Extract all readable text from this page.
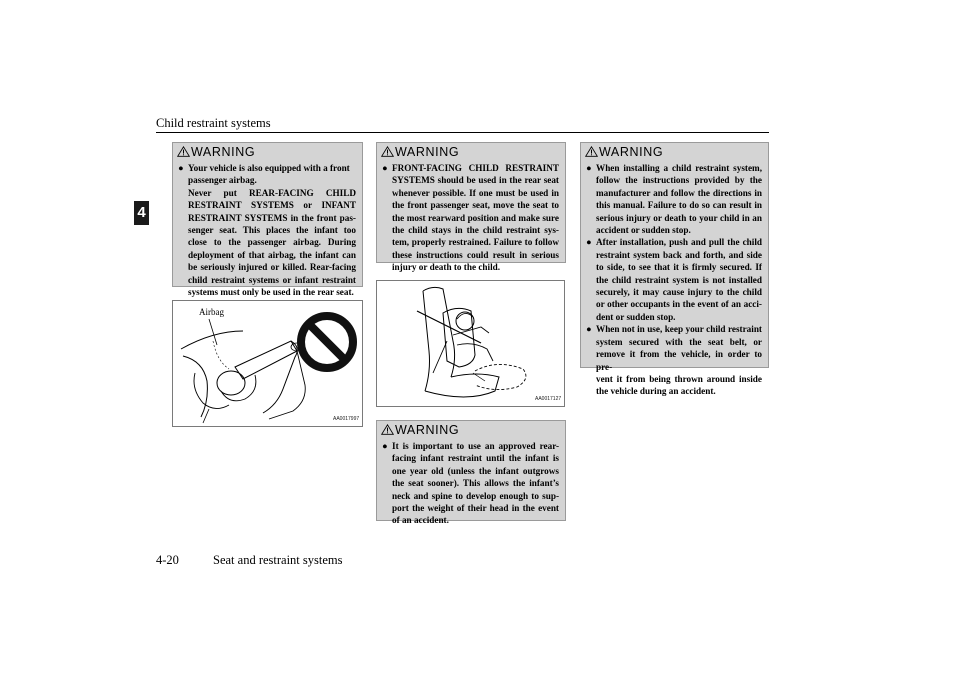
Child restraint systems
4
WARNING
● Your vehicle is also equipped with a front
passenger airbag.
Never put REAR-FACING CHILD
RESTRAINT SYSTEMS or INFANT
RESTRAINT SYSTEMS in the front pas-
senger seat. This places the infant too
close to the passenger airbag. During
deployment of that airbag, the infant can
be seriously injured or killed. Rear-facing
child restraint systems or infant restraint
systems must only be used in the rear seat.
Airbag
AA0017997
WARNING
● FRONT-FACING CHILD RESTRAINT
SYSTEMS should be used in the rear seat
whenever possible. If one must be used in
the front passenger seat, move the seat to
the most rearward position and make sure
the child stays in the child restraint sys-
tem, properly restrained. Failure to follow
these instructions could result in serious
injury or death to the child.
AA0017127
WARNING
● It is important to use an approved rear-
facing infant restraint until the infant is
one year old (unless the infant outgrows
the seat sooner). This allows the infant’s
neck and spine to develop enough to sup-
port the weight of their head in the event
of an accident.
WARNING
● When installing a child restraint system,
follow the instructions provided by the
manufacturer and follow the directions in
this manual. Failure to do so can result in
serious injury or death to your child in an
accident or sudden stop.
● After installation, push and pull the child
restraint system back and forth, and side
to side, to see that it is firmly secured. If
the child restraint system is not installed
securely, it may cause injury to the child
or other occupants in the event of an acci-
dent or sudden stop.
● When not in use, keep your child restraint
system secured with the seat belt, or
remove it from the vehicle, in order to pre-
vent it from being thrown around inside
the vehicle during an accident.
4-20	Seat and restraint systems
